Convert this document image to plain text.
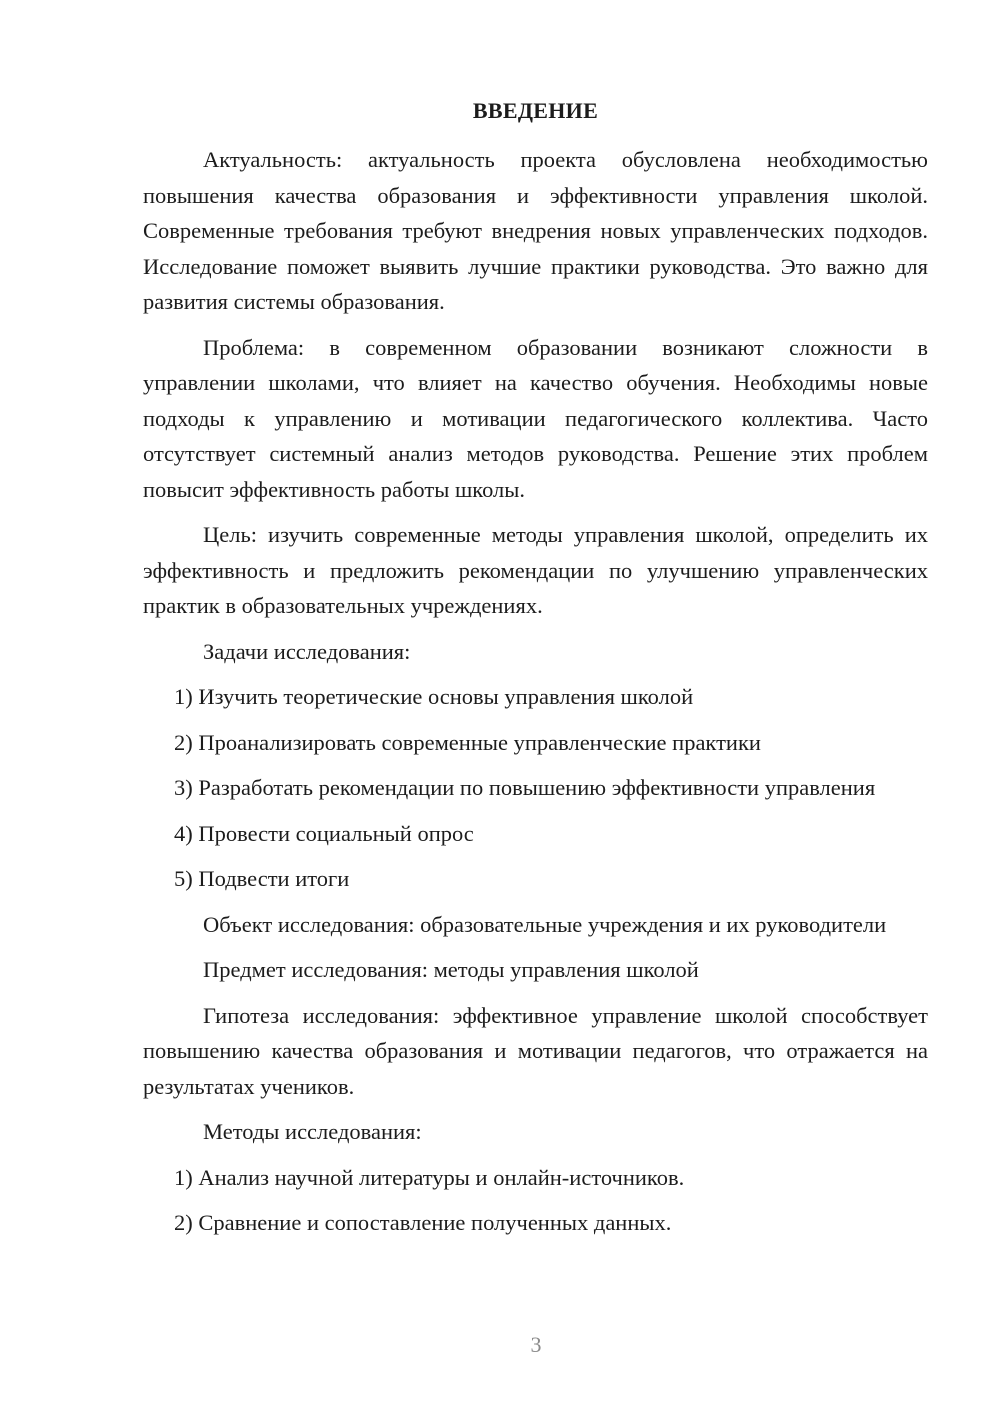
ВВЕДЕНИЕ

Актуальность: актуальность проекта обусловлена необходимостью повышения качества образования и эффективности управления школой. Современные требования требуют внедрения новых управленческих подходов. Исследование поможет выявить лучшие практики руководства. Это важно для развития системы образования.

Проблема: в современном образовании возникают сложности в управлении школами, что влияет на качество обучения. Необходимы новые подходы к управлению и мотивации педагогического коллектива. Часто отсутствует системный анализ методов руководства. Решение этих проблем повысит эффективность работы школы.

Цель: изучить современные методы управления школой, определить их эффективность и предложить рекомендации по улучшению управленческих практик в образовательных учреждениях.

Задачи исследования:

1) Изучить теоретические основы управления школой

2) Проанализировать современные управленческие практики

3) Разработать рекомендации по повышению эффективности управления

4) Провести социальный опрос

5) Подвести итоги

Объект исследования: образовательные учреждения и их руководители

Предмет исследования: методы управления школой

Гипотеза исследования: эффективное управление школой способствует повышению качества образования и мотивации педагогов, что отражается на результатах учеников.

Методы исследования:

1) Анализ научной литературы и онлайн-источников.

2) Сравнение и сопоставление полученных данных.

3
